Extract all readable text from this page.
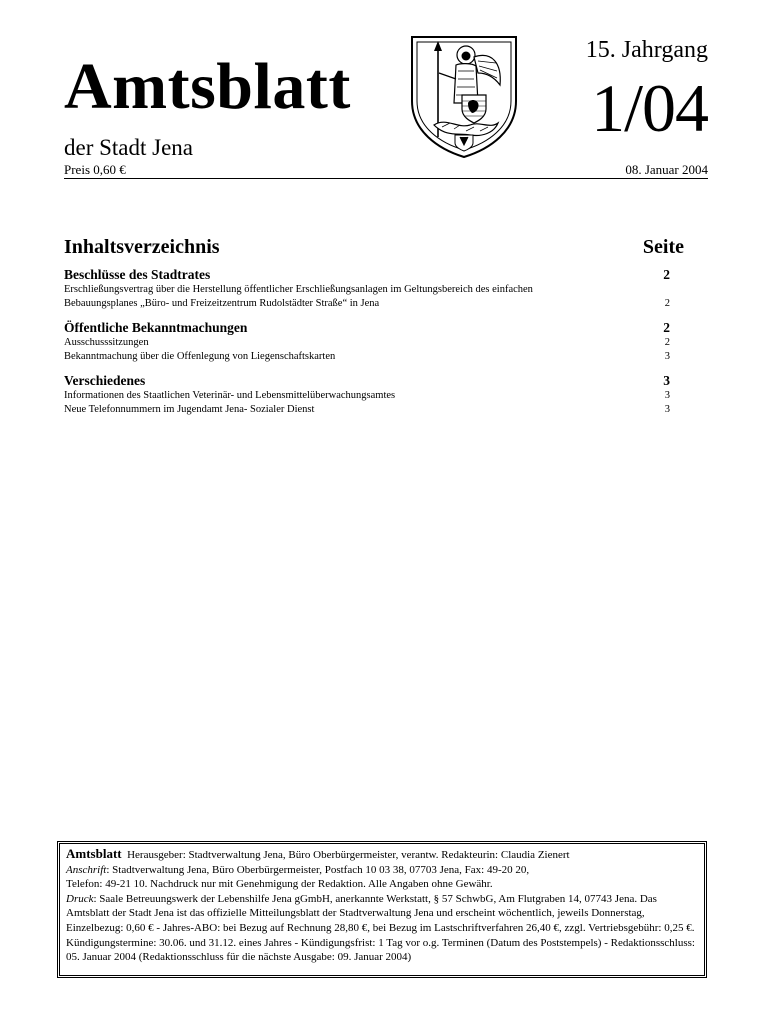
Amtsblatt
der Stadt Jena
Preis 0,60 €
15. Jahrgang
1/04
08. Januar 2004
Inhaltsverzeichnis	Seite
Beschlüsse des Stadtrates	2
Erschließungsvertrag über die Herstellung öffentlicher Erschließungsanlagen im Geltungsbereich des einfachen Bebauungsplanes „Büro- und Freizeitzentrum Rudolstädter Straße“ in Jena	2
Öffentliche Bekanntmachungen	2
Ausschusssitzungen	2
Bekanntmachung über die Offenlegung von Liegenschaftskarten	3
Verschiedenes	3
Informationen des Staatlichen Veterinär- und Lebensmittelüberwachungsamtes	3
Neue Telefonnummern im Jugendamt Jena- Sozialer Dienst	3

Amtsblatt Herausgeber: Stadtverwaltung Jena, Büro Oberbürgermeister, verantw. Redakteurin: Claudia Zienert

Anschrift: Stadtverwaltung Jena, Büro Oberbürgermeister, Postfach 10 03 38, 07703 Jena, Fax: 49-20 20,

Telefon: 49-21 10. Nachdruck nur mit Genehmigung der Redaktion. Alle Angaben ohne Gewähr.

Druck: Saale Betreuungswerk der Lebenshilfe Jena gGmbH, anerkannte Werkstatt, § 57 SchwbG, Am Flutgraben 14, 07743 Jena. Das Amtsblatt der Stadt Jena ist das offizielle Mitteilungsblatt der Stadtverwaltung Jena und erscheint wöchentlich, jeweils Donnerstag, Einzelbezug: 0,60 € - Jahres-ABO: bei Bezug auf Rechnung 28,80 €, bei Bezug im Lastschriftverfahren 26,40 €, zzgl. Vertriebsgebühr: 0,25 €. Kündigungstermine: 30.06. und 31.12. eines Jahres - Kündigungsfrist: 1 Tag vor o.g. Terminen (Datum des Poststempels) - Redaktionsschluss: 05. Januar 2004 (Redaktionsschluss für die nächste Ausgabe: 09. Januar 2004)
